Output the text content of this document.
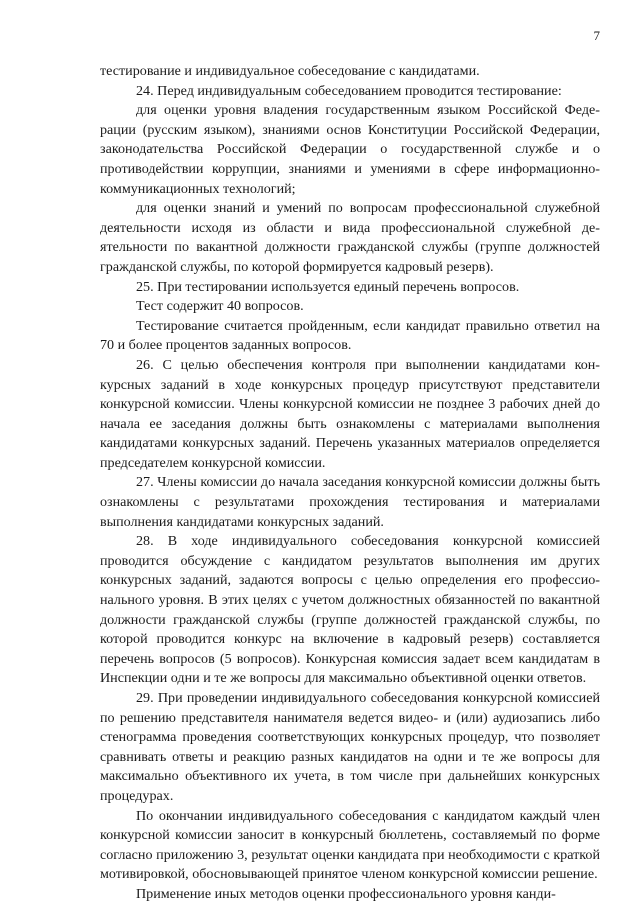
7

тестирование и индивидуальное собеседование с кандидатами.

24. Перед индивидуальным собеседованием проводится тестирование:

для оценки уровня владения государственным языком Российской Федерации (русским языком), знаниями основ Конституции Российской Федерации, законодательства Российской Федерации о государственной службе и о противодействии коррупции, знаниями и умениями в сфере информационно-коммуникационных технологий;

для оценки знаний и умений по вопросам профессиональной служебной деятельности исходя из области и вида профессиональной служебной деятельности по вакантной должности гражданской службы (группе должностей гражданской службы, по которой формируется кадровый резерв).

25. При тестировании используется единый перечень вопросов.

Тест содержит 40 вопросов.

Тестирование считается пройденным, если кандидат правильно ответил на 70 и более процентов заданных вопросов.

26. С целью обеспечения контроля при выполнении кандидатами конкурсных заданий в ходе конкурсных процедур присутствуют представители конкурсной комиссии. Члены конкурсной комиссии не позднее 3 рабочих дней до начала ее заседания должны быть ознакомлены с материалами выполнения кандидатами конкурсных заданий. Перечень указанных материалов определяется председателем конкурсной комиссии.

27. Члены комиссии до начала заседания конкурсной комиссии должны быть ознакомлены с результатами прохождения тестирования и материалами выполнения кандидатами конкурсных заданий.

28. В ходе индивидуального собеседования конкурсной комиссией проводится обсуждение с кандидатом результатов выполнения им других конкурсных заданий, задаются вопросы с целью определения его профессионального уровня. В этих целях с учетом должностных обязанностей по вакантной должности гражданской службы (группе должностей гражданской службы, по которой проводится конкурс на включение в кадровый резерв) составляется перечень вопросов (5 вопросов). Конкурсная комиссия задает всем кандидатам в Инспекции одни и те же вопросы для максимально объективной оценки ответов.

29. При проведении индивидуального собеседования конкурсной комиссией по решению представителя нанимателя ведется видео- и (или) аудиозапись либо стенограмма проведения соответствующих конкурсных процедур, что позволяет сравнивать ответы и реакцию разных кандидатов на одни и те же вопросы для максимально объективного их учета, в том числе при дальнейших конкурсных процедурах.

По окончании индивидуального собеседования с кандидатом каждый член конкурсной комиссии заносит в конкурсный бюллетень, составляемый по форме согласно приложению 3, результат оценки кандидата при необходимости с краткой мотивировкой, обосновывающей принятое членом конкурсной комиссии решение.

Применение иных методов оценки профессионального уровня канди-
